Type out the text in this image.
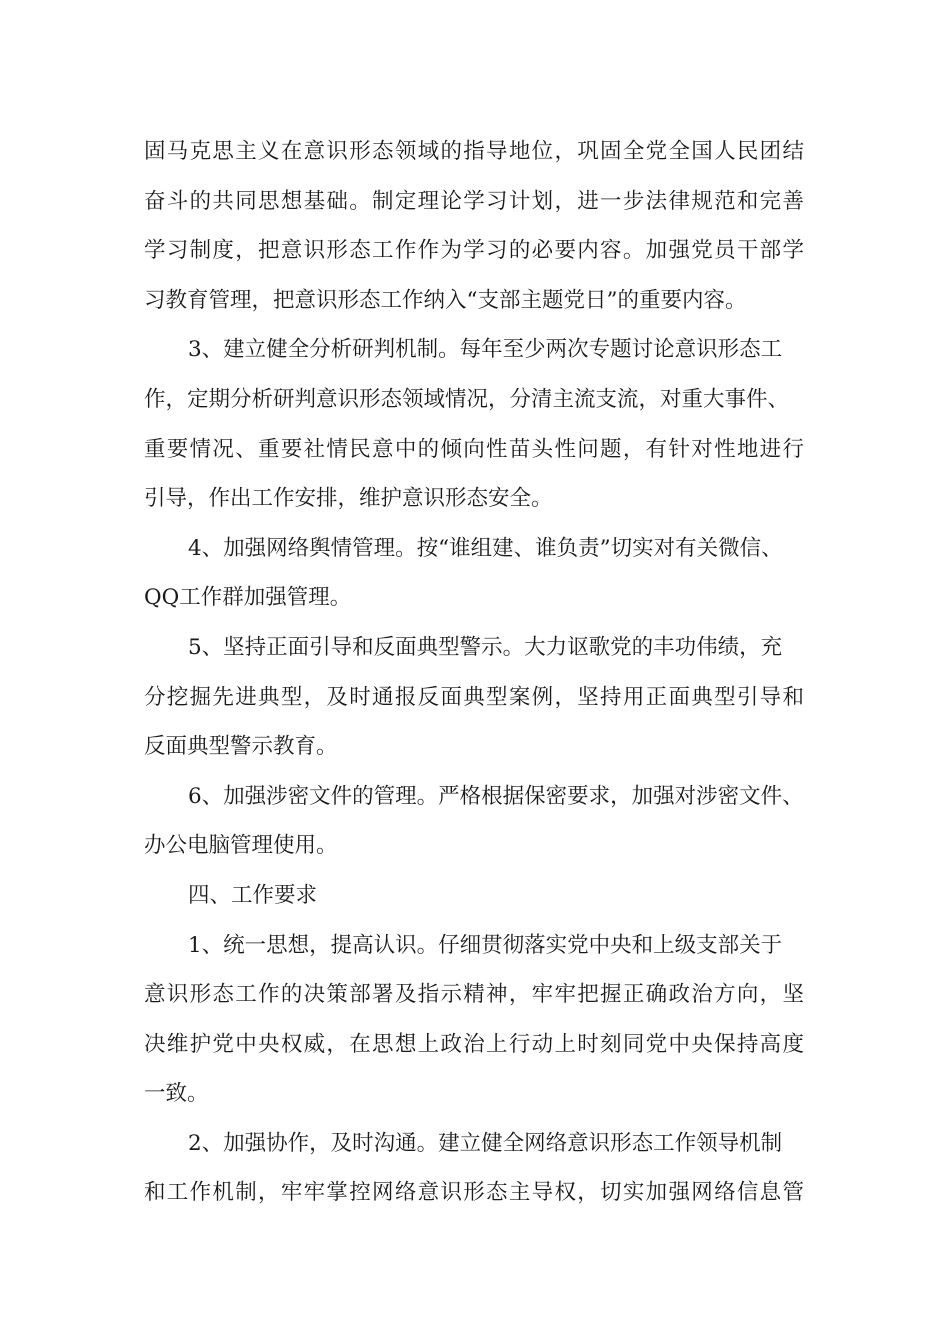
固马克思主义在意识形态领域的指导地位，巩固全党全国人民团结
奋斗的共同思想基础。制定理论学习计划，进一步法律规范和完善
学习制度，把意识形态工作作为学习的必要内容。加强党员干部学
习教育管理，把意识形态工作纳入“支部主题党日”的重要内容。
3、建立健全分析研判机制。每年至少两次专题讨论意识形态工
作，定期分析研判意识形态领域情况，分清主流支流，对重大事件、
重要情况、重要社情民意中的倾向性苗头性问题，有针对性地进行
引导，作出工作安排，维护意识形态安全。
4、加强网络舆情管理。按“谁组建、谁负责”切实对有关微信、
QQ工作群加强管理。
5、坚持正面引导和反面典型警示。大力讴歌党的丰功伟绩，充
分挖掘先进典型，及时通报反面典型案例，坚持用正面典型引导和
反面典型警示教育。
6、加强涉密文件的管理。严格根据保密要求，加强对涉密文件、
办公电脑管理使用。
四、工作要求
1、统一思想，提高认识。仔细贯彻落实党中央和上级支部关于
意识形态工作的决策部署及指示精神，牢牢把握正确政治方向，坚
决维护党中央权威，在思想上政治上行动上时刻同党中央保持高度
一致。
2、加强协作，及时沟通。建立健全网络意识形态工作领导机制
和工作机制，牢牢掌控网络意识形态主导权，切实加强网络信息管
